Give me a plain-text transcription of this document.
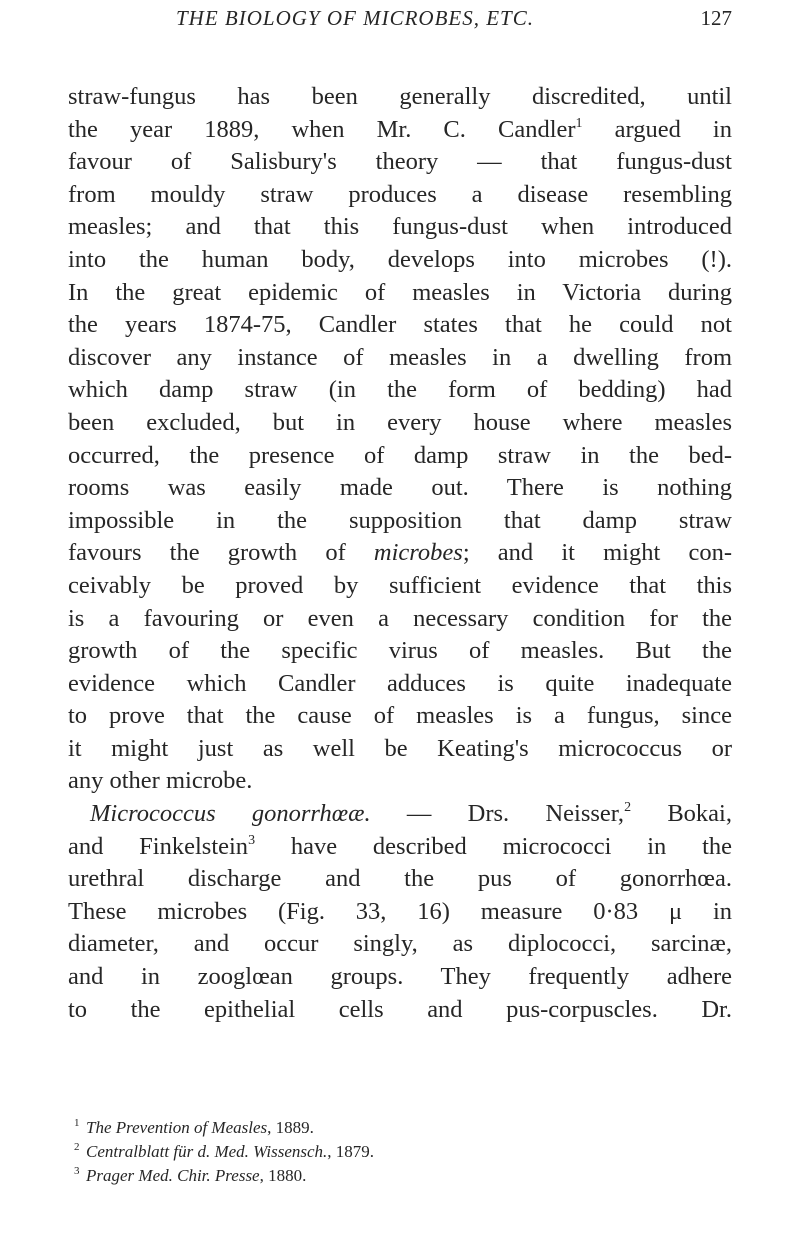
THE BIOLOGY OF MICROBES, ETC.	127
straw-fungus has been generally discredited, until
the year 1889, when Mr. C. Candler$^1$ argued in
favour of Salisbury's theory — that fungus-dust
from mouldy straw produces a disease resembling
measles; and that this fungus-dust when introduced
into the human body, develops into microbes (!).
In the great epidemic of measles in Victoria during
the years 1874-75, Candler states that he could not
discover any instance of measles in a dwelling from
which damp straw (in the form of bedding) had
been excluded, but in every house where measles
occurred, the presence of damp straw in the bed-
rooms was easily made out. There is nothing
impossible in the supposition that damp straw
favours the growth of microbes; and it might con-
ceivably be proved by sufficient evidence that this
is a favouring or even a necessary condition for the
growth of the specific virus of measles. But the
evidence which Candler adduces is quite inadequate
to prove that the cause of measles is a fungus, since
it might just as well be Keating's micrococcus or
any other microbe.
Micrococcus gonorrhœæ. — Drs. Neisser,$^2$ Bokai,
and Finkelstein$^3$ have described micrococci in the
urethral discharge and the pus of gonorrhœa.
These microbes (Fig. 33, 16) measure 0·83 μ in
diameter, and occur singly, as diplococci, sarcinæ,
and in zooglœan groups. They frequently adhere
to the epithelial cells and pus-corpuscles. Dr.
1 The Prevention of Measles, 1889.
2 Centralblatt für d. Med. Wissensch., 1879.
3 Prager Med. Chir. Presse, 1880.
